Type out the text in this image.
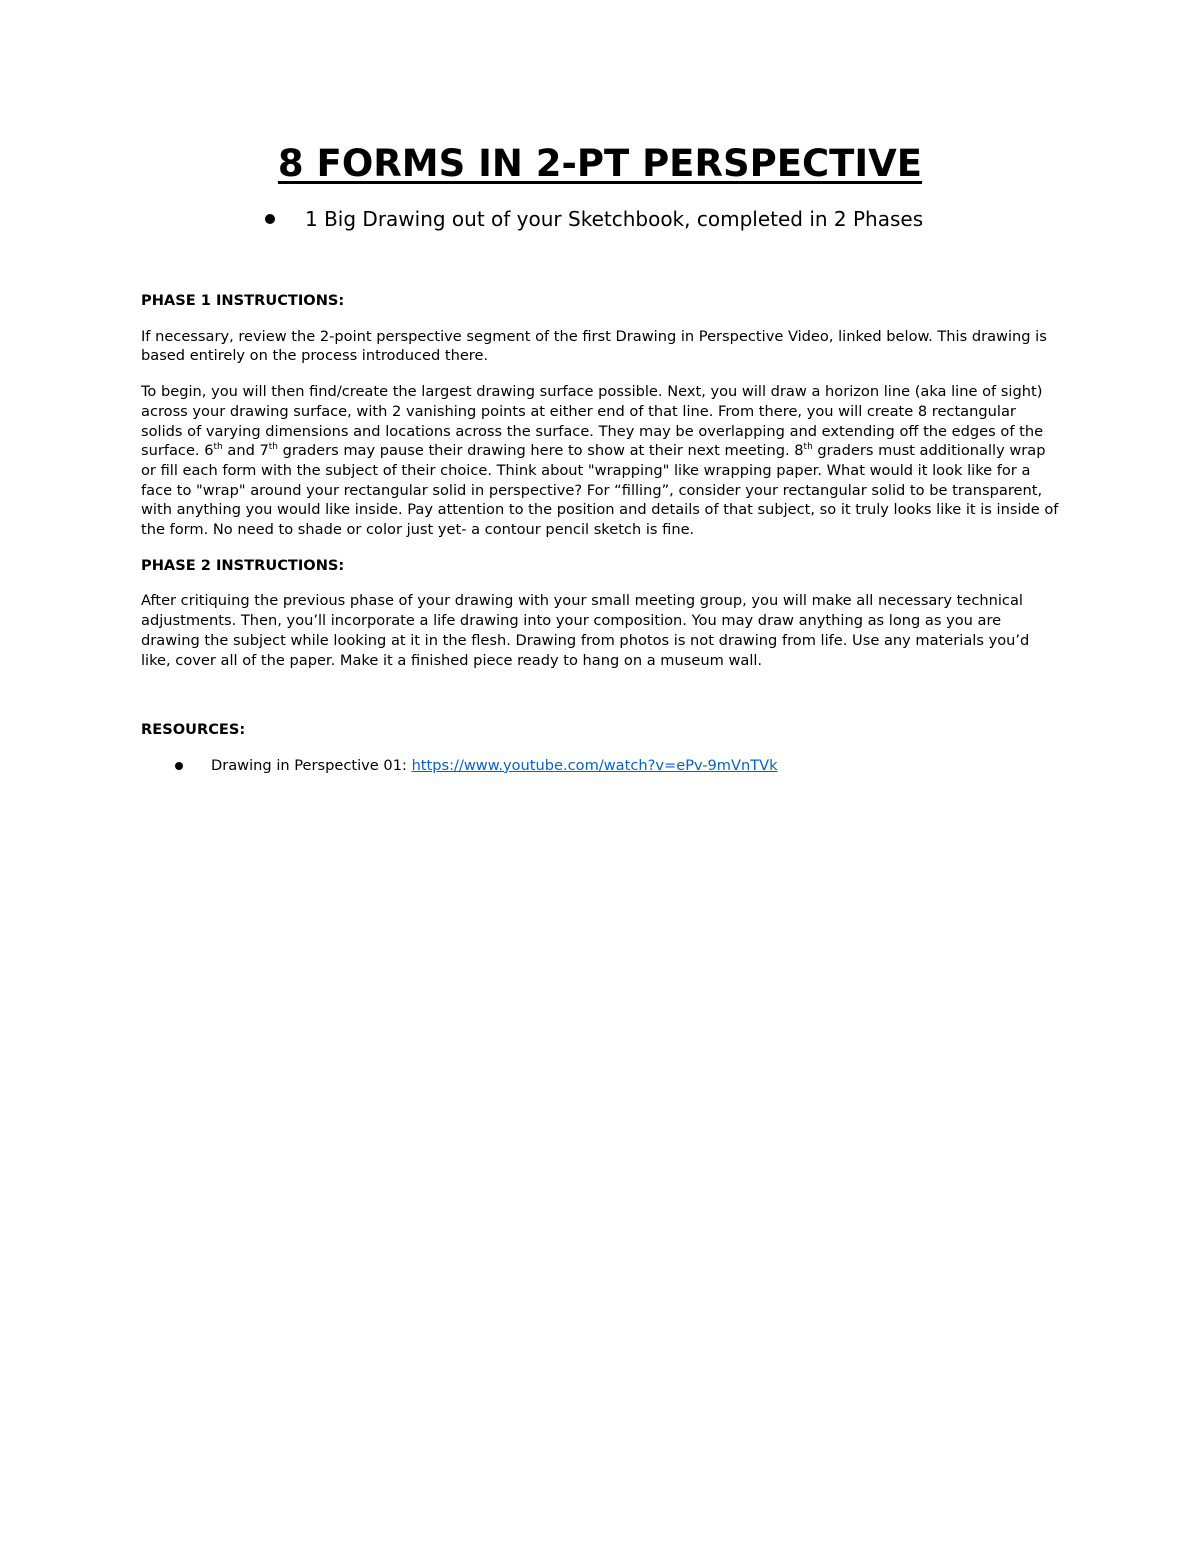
8 FORMS IN 2-PT PERSPECTIVE
1 Big Drawing out of your Sketchbook, completed in 2 Phases

PHASE 1 INSTRUCTIONS:

If necessary, review the 2-point perspective segment of the first Drawing in Perspective Video, linked below. This drawing is based entirely on the process introduced there.

To begin, you will then find/create the largest drawing surface possible. Next, you will draw a horizon line (aka line of sight) across your drawing surface, with 2 vanishing points at either end of that line. From there, you will create 8 rectangular solids of varying dimensions and locations across the surface. They may be overlapping and extending off the edges of the surface. 6th and 7th graders may pause their drawing here to show at their next meeting. 8th graders must additionally wrap or fill each form with the subject of their choice. Think about "wrapping" like wrapping paper. What would it look like for a face to "wrap" around your rectangular solid in perspective? For “filling”, consider your rectangular solid to be transparent, with anything you would like inside. Pay attention to the position and details of that subject, so it truly looks like it is inside of the form. No need to shade or color just yet- a contour pencil sketch is fine.

PHASE 2 INSTRUCTIONS:

After critiquing the previous phase of your drawing with your small meeting group, you will make all necessary technical adjustments. Then, you’ll incorporate a life drawing into your composition. You may draw anything as long as you are drawing the subject while looking at it in the flesh. Drawing from photos is not drawing from life. Use any materials you’d like, cover all of the paper. Make it a finished piece ready to hang on a museum wall.

RESOURCES:

Drawing in Perspective 01:
https://www.youtube.com/watch?v=ePv-9mVnTVk
